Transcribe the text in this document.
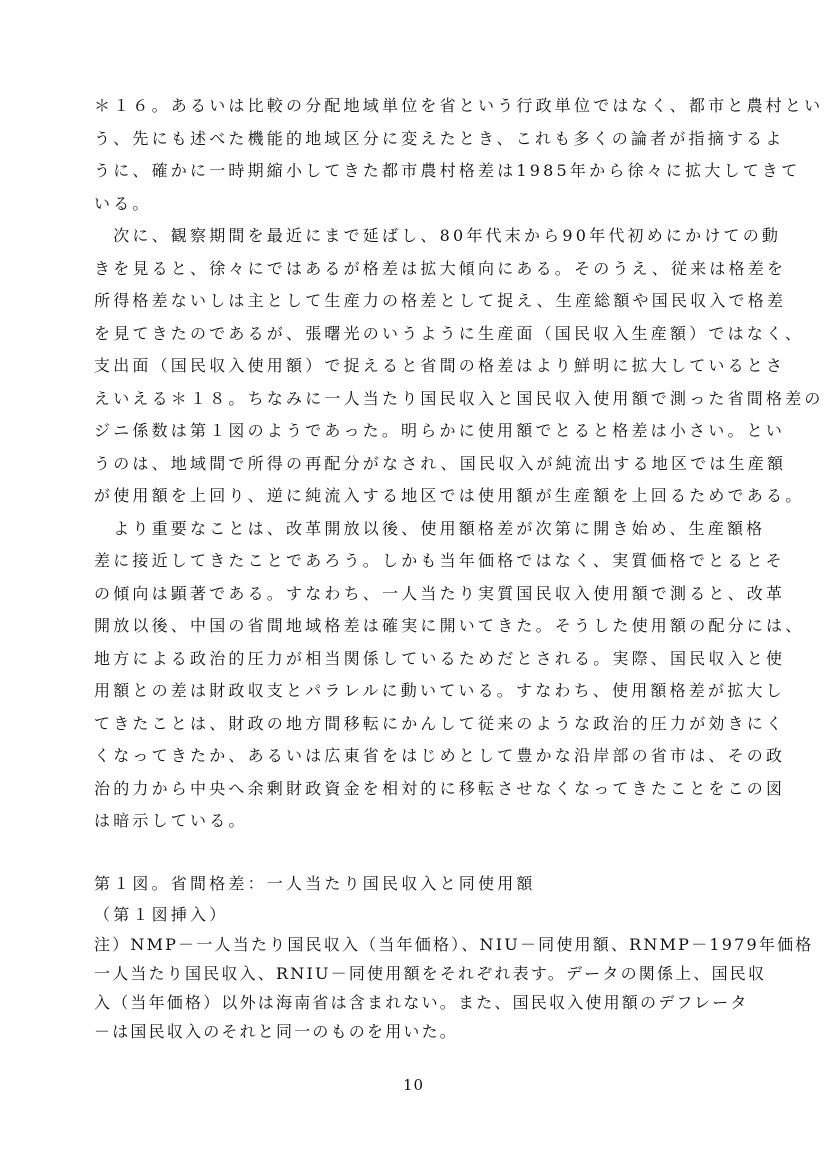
＊１６。あるいは比較の分配地域単位を省という行政単位ではなく、都市と農村とい
う、先にも述べた機能的地域区分に変えたとき、これも多くの論者が指摘するよ
うに、確かに一時期縮小してきた都市農村格差は1985年から徐々に拡大してきて
いる。
　次に、観察期間を最近にまで延ばし、80年代末から90年代初めにかけての動
きを見ると、徐々にではあるが格差は拡大傾向にある。そのうえ、従来は格差を
所得格差ないしは主として生産力の格差として捉え、生産総額や国民収入で格差
を見てきたのであるが、張曙光のいうように生産面（国民収入生産額）ではなく、
支出面（国民収入使用額）で捉えると省間の格差はより鮮明に拡大しているとさ
えいえる＊１８。ちなみに一人当たり国民収入と国民収入使用額で測った省間格差の
ジニ係数は第１図のようであった。明らかに使用額でとると格差は小さい。とい
うのは、地域間で所得の再配分がなされ、国民収入が純流出する地区では生産額
が使用額を上回り、逆に純流入する地区では使用額が生産額を上回るためである。
　より重要なことは、改革開放以後、使用額格差が次第に開き始め、生産額格
差に接近してきたことであろう。しかも当年価格ではなく、実質価格でとるとそ
の傾向は顕著である。すなわち、一人当たり実質国民収入使用額で測ると、改革
開放以後、中国の省間地域格差は確実に開いてきた。そうした使用額の配分には、
地方による政治的圧力が相当関係しているためだとされる。実際、国民収入と使
用額との差は財政収支とパラレルに動いている。すなわち、使用額格差が拡大し
てきたことは、財政の地方間移転にかんして従来のような政治的圧力が効きにく
くなってきたか、あるいは広東省をはじめとして豊かな沿岸部の省市は、その政
治的力から中央へ余剰財政資金を相対的に移転させなくなってきたことをこの図
は暗示している。
第１図。省間格差：一人当たり国民収入と同使用額
（第１図挿入）
注）NMP－一人当たり国民収入（当年価格）、NIU－同使用額、RNMP－1979年価格
一人当たり国民収入、RNIU－同使用額をそれぞれ表す。データの関係上、国民収
入（当年価格）以外は海南省は含まれない。また、国民収入使用額のデフレータ
－は国民収入のそれと同一のものを用いた。
10
